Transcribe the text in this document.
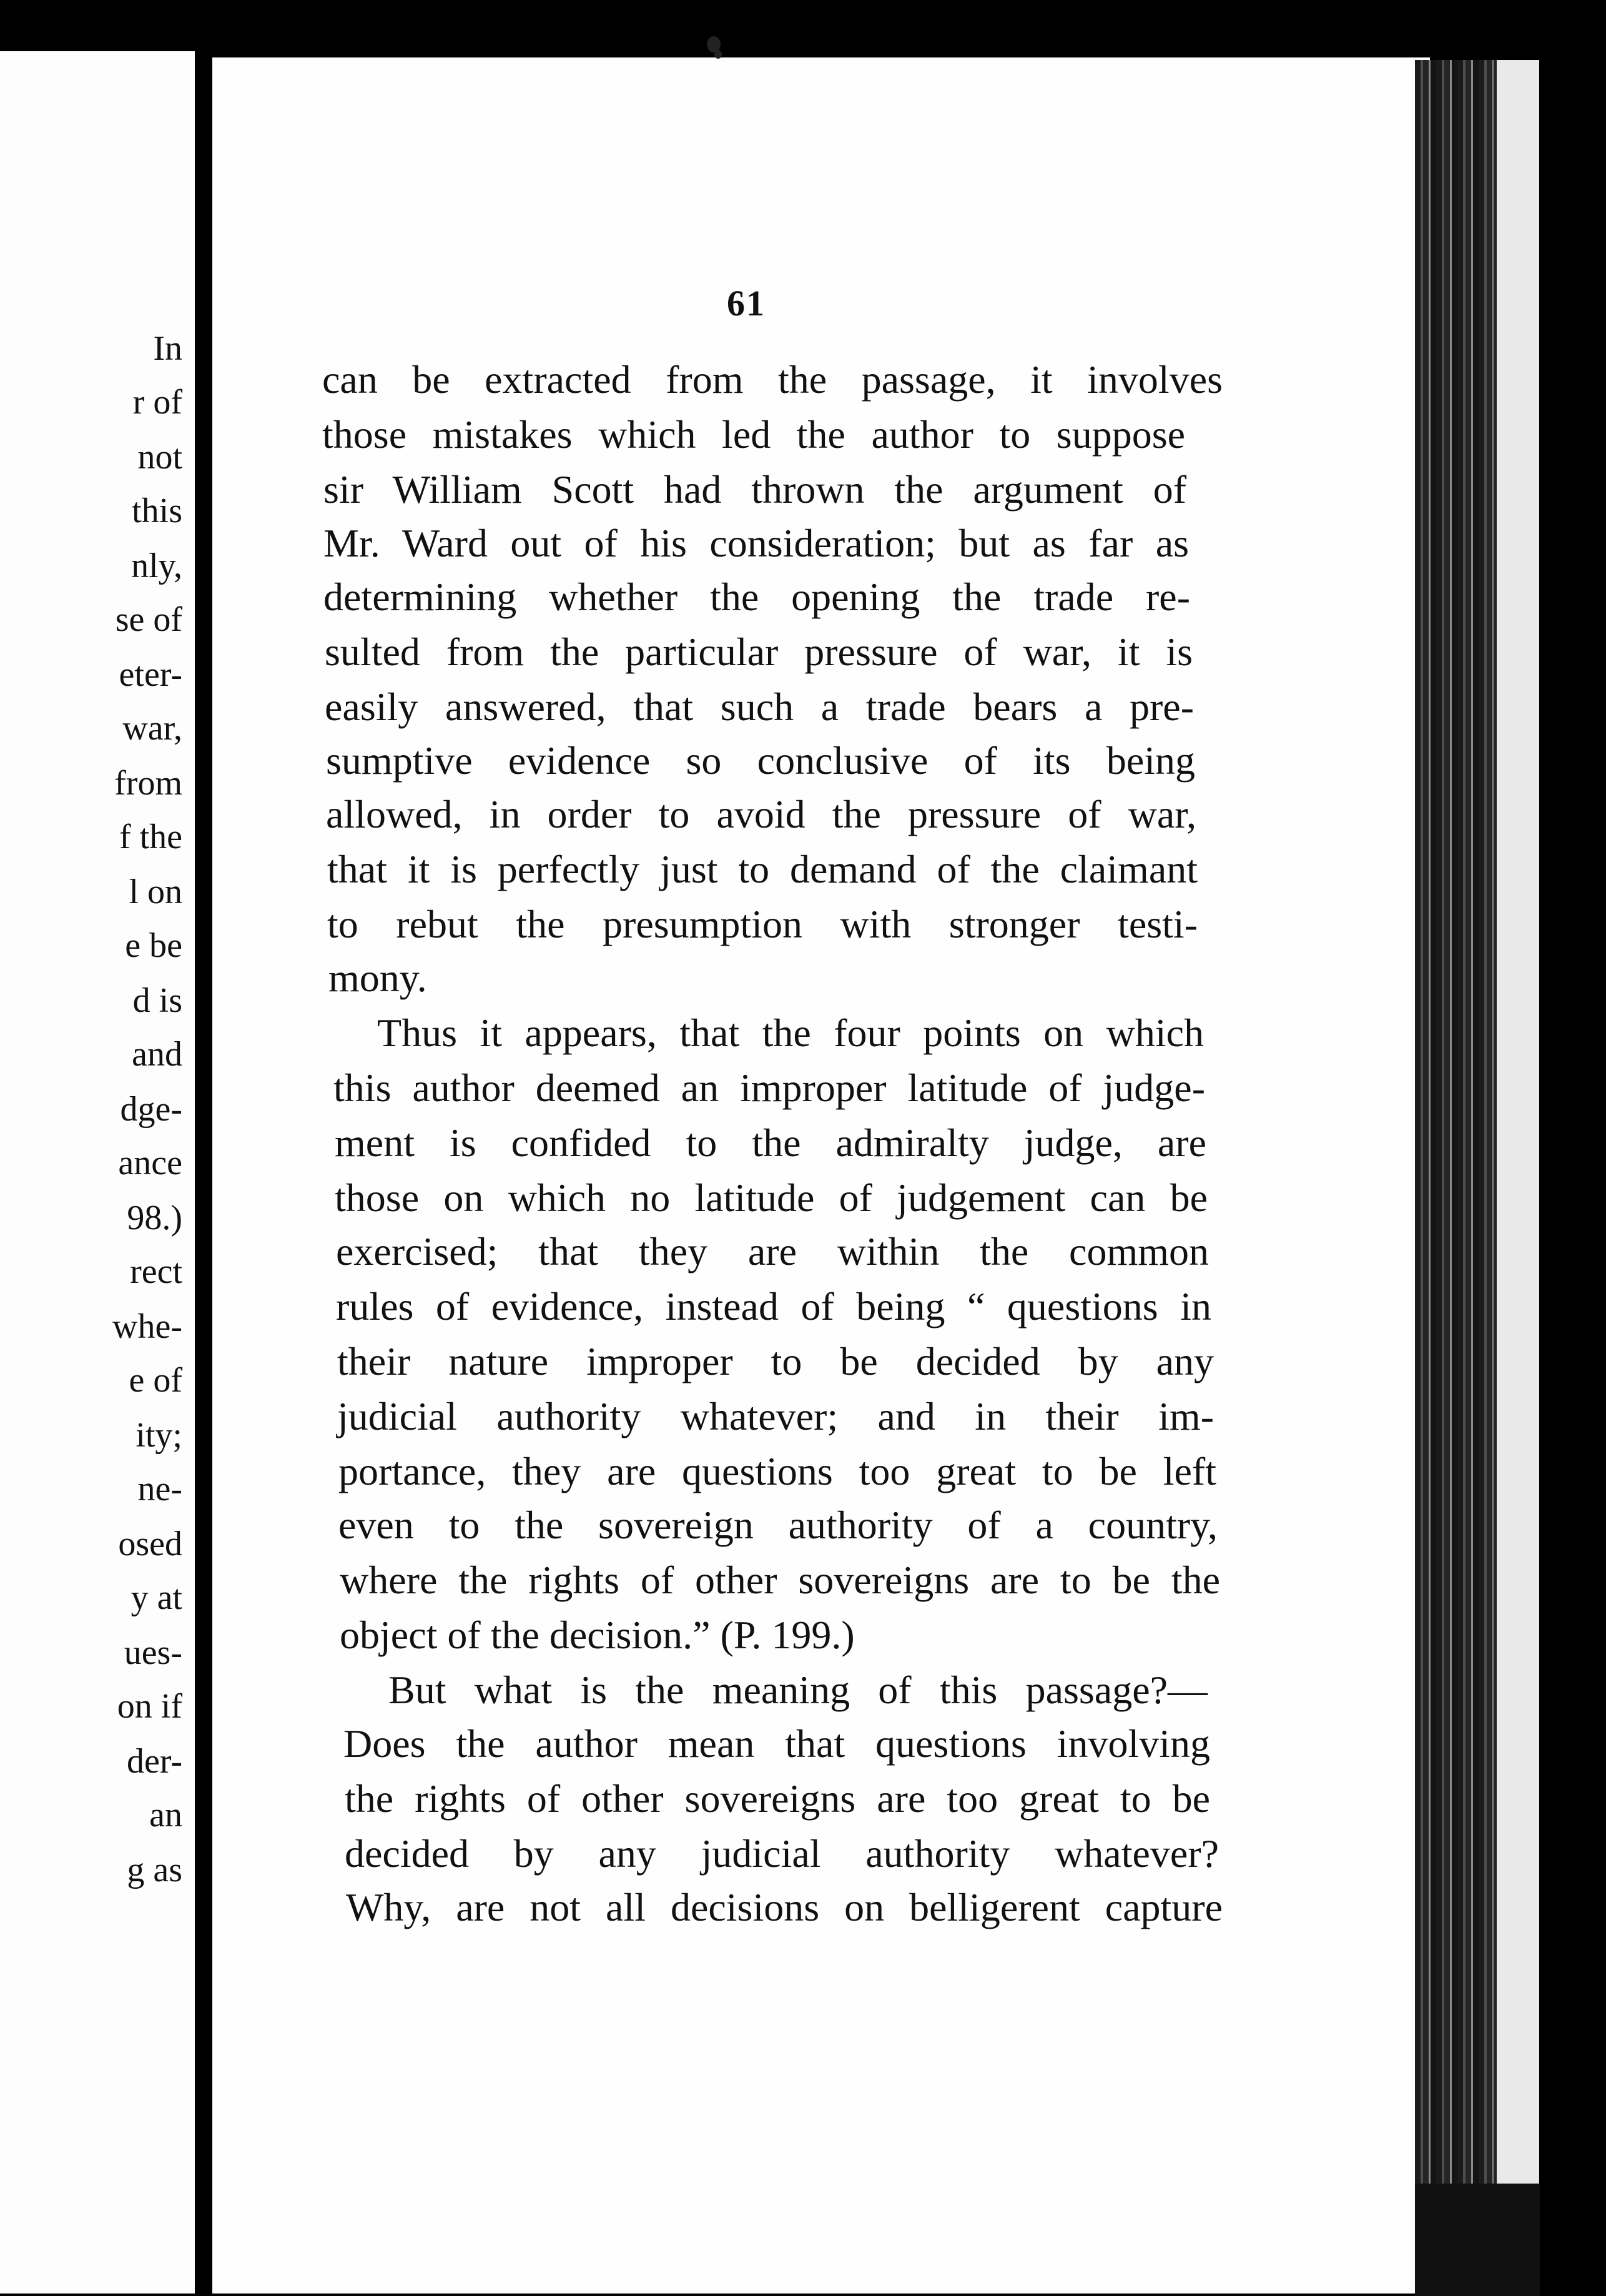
In
r of
not
this
nly,
se of
eter-
war,
from
f the
l on
e be
d is
and
dge-
ance
98.)
rect
whe-
e of
ity;
ne-
osed
y at
ues-
on if
der-
an
g as
61
can be extracted from the passage, it involves
those mistakes which led the author to suppose
sir William Scott had thrown the argument of
Mr. Ward out of his consideration; but as far as
determining whether the opening the trade re-
sulted from the particular pressure of war, it is
easily answered, that such a trade bears a pre-
sumptive evidence so conclusive of its being
allowed, in order to avoid the pressure of war,
that it is perfectly just to demand of the claimant
to rebut the presumption with stronger testi-
mony.
Thus it appears, that the four points on which
this author deemed an improper latitude of judge-
ment is confided to the admiralty judge, are
those on which no latitude of judgement can be
exercised; that they are within the common
rules of evidence, instead of being “ questions in
their nature improper to be decided by any
judicial authority whatever; and in their im-
portance, they are questions too great to be left
even to the sovereign authority of a country,
where the rights of other sovereigns are to be the
object of the decision.” (P. 199.)
But what is the meaning of this passage?—
Does the author mean that questions involving
the rights of other sovereigns are too great to be
decided by any judicial authority whatever?
Why, are not all decisions on belligerent capture
